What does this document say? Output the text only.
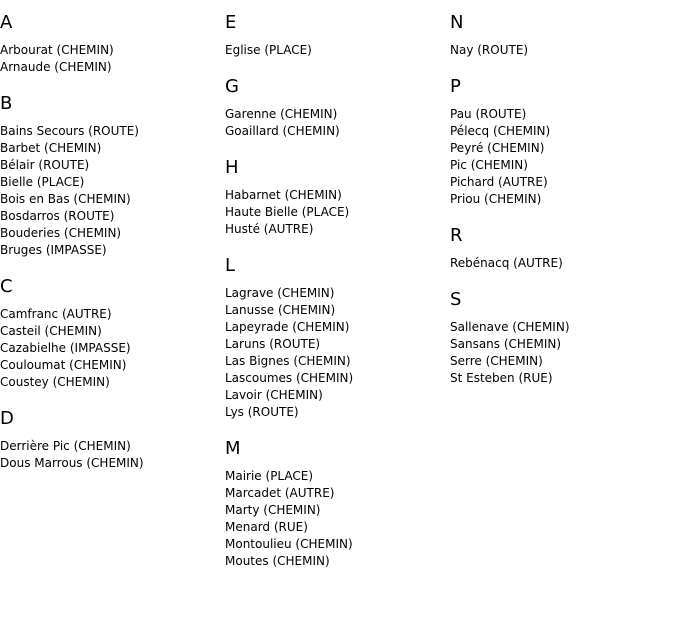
A
Arbourat (CHEMIN)
Arnaude (CHEMIN)
B
Bains Secours (ROUTE)
Barbet (CHEMIN)
Bélair (ROUTE)
Bielle (PLACE)
Bois en Bas (CHEMIN)
Bosdarros (ROUTE)
Bouderies (CHEMIN)
Bruges (IMPASSE)
C
Camfranc (AUTRE)
Casteil (CHEMIN)
Cazabielhe (IMPASSE)
Couloumat (CHEMIN)
Coustey (CHEMIN)
D
Derrière Pic (CHEMIN)
Dous Marrous (CHEMIN)
E
Eglise (PLACE)
G
Garenne (CHEMIN)
Goaillard (CHEMIN)
H
Habarnet (CHEMIN)
Haute Bielle (PLACE)
Husté (AUTRE)
L
Lagrave (CHEMIN)
Lanusse (CHEMIN)
Lapeyrade (CHEMIN)
Laruns (ROUTE)
Las Bignes (CHEMIN)
Lascoumes (CHEMIN)
Lavoir (CHEMIN)
Lys (ROUTE)
M
Mairie (PLACE)
Marcadet (AUTRE)
Marty (CHEMIN)
Menard (RUE)
Montoulieu (CHEMIN)
Moutes (CHEMIN)
N
Nay (ROUTE)
P
Pau (ROUTE)
Pélecq (CHEMIN)
Peyré (CHEMIN)
Pic (CHEMIN)
Pichard (AUTRE)
Priou (CHEMIN)
R
Rebénacq (AUTRE)
S
Sallenave (CHEMIN)
Sansans (CHEMIN)
Serre (CHEMIN)
St Esteben (RUE)
